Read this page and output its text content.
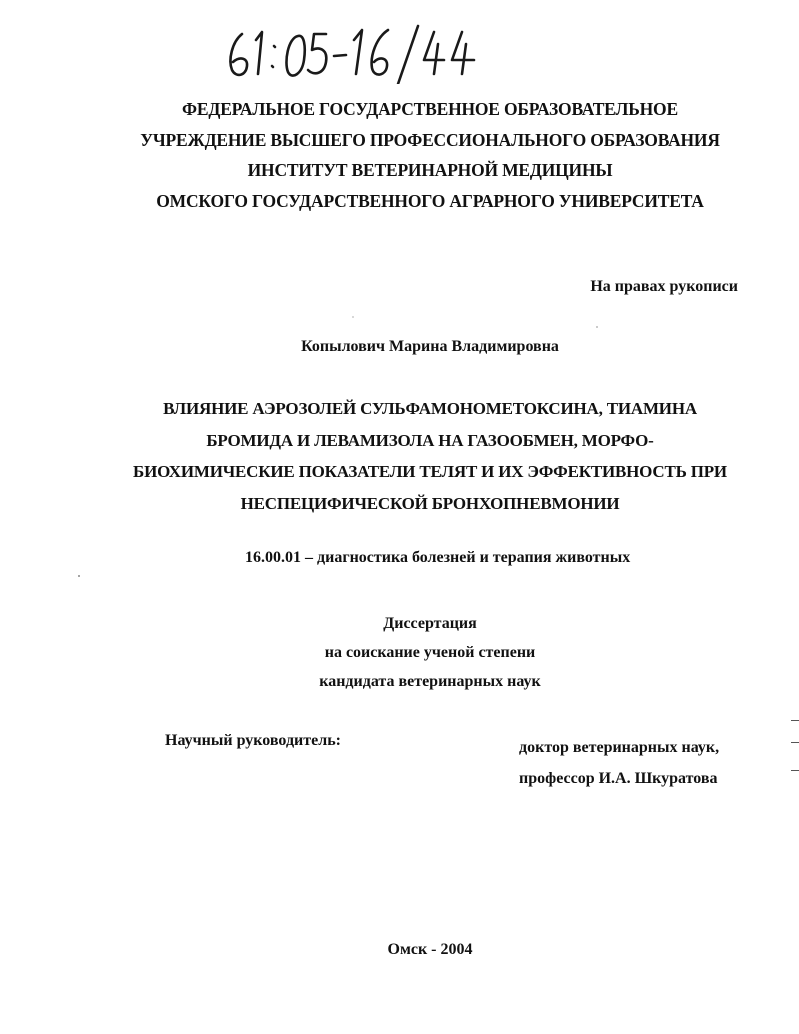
ФЕДЕРАЛЬНОЕ ГОСУДАРСТВЕННОЕ ОБРАЗОВАТЕЛЬНОЕ
УЧРЕЖДЕНИЕ ВЫСШЕГО ПРОФЕССИОНАЛЬНОГО ОБРАЗОВАНИЯ
ИНСТИТУТ ВЕТЕРИНАРНОЙ МЕДИЦИНЫ
ОМСКОГО ГОСУДАРСТВЕННОГО АГРАРНОГО УНИВЕРСИТЕТА
На правах рукописи
Копылович Марина Владимировна
ВЛИЯНИЕ АЭРОЗОЛЕЙ СУЛЬФАМОНОМЕТОКСИНА, ТИАМИНА
БРОМИДА И ЛЕВАМИЗОЛА НА ГАЗООБМЕН, МОРФО-
БИОХИМИЧЕСКИЕ ПОКАЗАТЕЛИ ТЕЛЯТ И ИХ ЭФФЕКТИВНОСТЬ ПРИ
НЕСПЕЦИФИЧЕСКОЙ БРОНХОПНЕВМОНИИ
16.00.01 – диагностика болезней и терапия животных
Диссертация
на соискание ученой степени
кандидата ветеринарных наук
Научный руководитель:	доктор ветеринарных наук,
профессор И.А. Шкуратова
Омск - 2004
